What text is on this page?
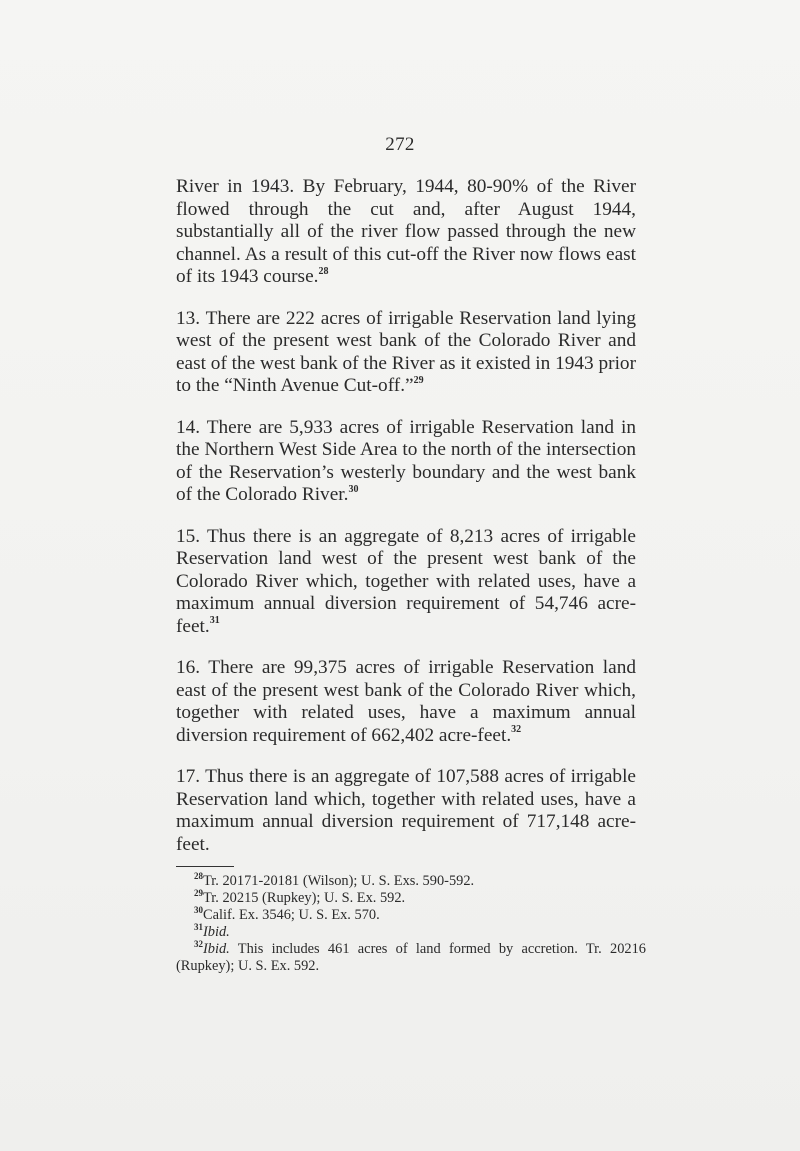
272

River in 1943. By February, 1944, 80-90% of the River flowed through the cut and, after August 1944, substantially all of the river flow passed through the new channel. As a result of this cut-off the River now flows east of its 1943 course.$^{28}$

13. There are 222 acres of irrigable Reservation land lying west of the present west bank of the Colorado River and east of the west bank of the River as it existed in 1943 prior to the “Ninth Avenue Cut-off.”$^{29}$

14. There are 5,933 acres of irrigable Reservation land in the Northern West Side Area to the north of the intersection of the Reservation’s westerly boundary and the west bank of the Colorado River.$^{30}$

15. Thus there is an aggregate of 8,213 acres of irrigable Reservation land west of the present west bank of the Colorado River which, together with related uses, have a maximum annual diversion requirement of 54,746 acre-feet.$^{31}$

16. There are 99,375 acres of irrigable Reservation land east of the present west bank of the Colorado River which, together with related uses, have a maximum annual diversion requirement of 662,402 acre-feet.$^{32}$

17. Thus there is an aggregate of 107,588 acres of irrigable Reservation land which, together with related uses, have a maximum annual diversion requirement of 717,148 acre-feet.

$^{28}$Tr. 20171-20181 (Wilson); U. S. Exs. 590-592.
$^{29}$Tr. 20215 (Rupkey); U. S. Ex. 592.
$^{30}$Calif. Ex. 3546; U. S. Ex. 570.
$^{31}$Ibid.
$^{32}$Ibid. This includes 461 acres of land formed by accretion. Tr. 20216 (Rupkey); U. S. Ex. 592.
